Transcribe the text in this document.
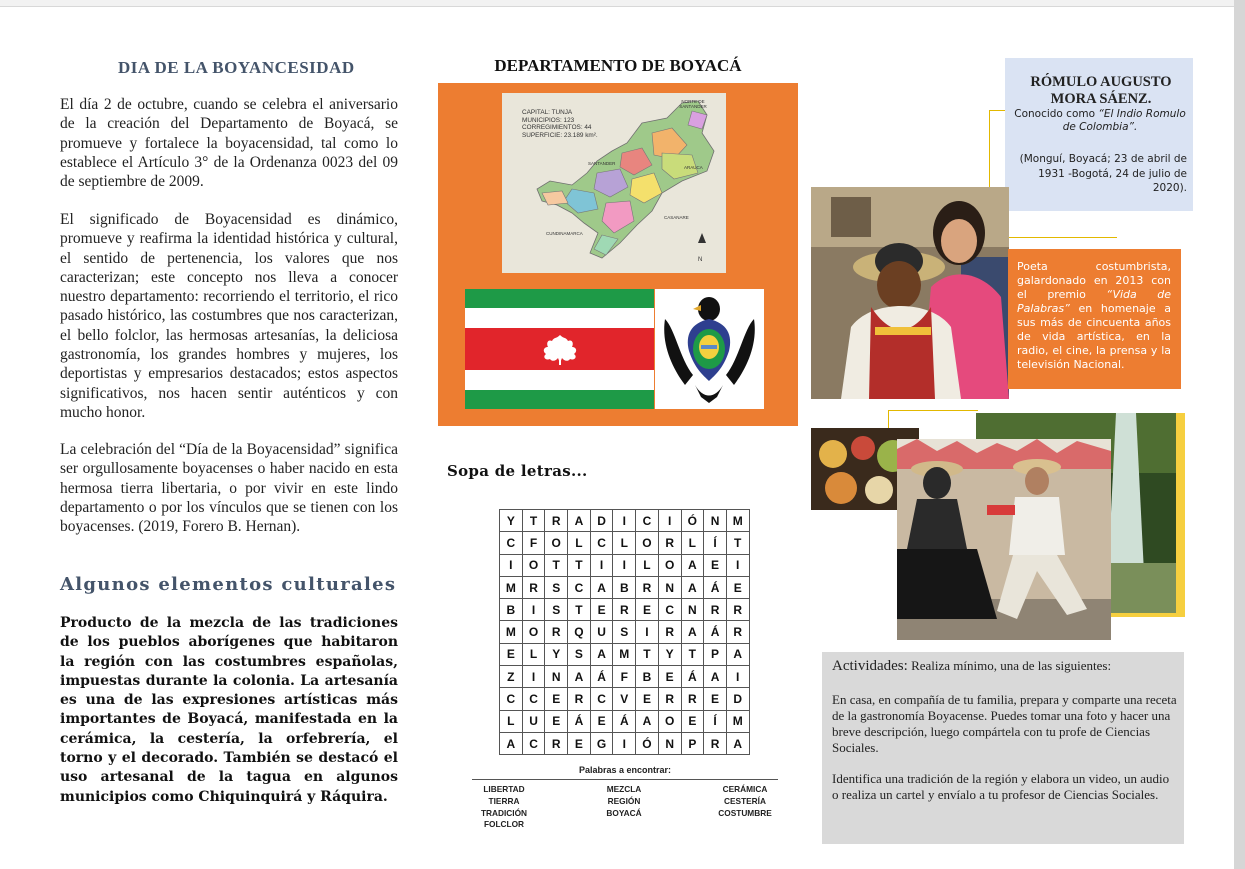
DIA DE LA BOYANCESIDAD
El día 2 de octubre, cuando se celebra el aniversario de la creación del Departamento de Boyacá, se promueve y fortalece la boyacensidad, tal como lo establece el Artículo 3° de la Ordenanza 0023 del 09 de septiembre de 2009.
El significado de Boyacensidad es dinámico, promueve y reafirma la identidad histórica y cultural, el sentido de pertenencia, los valores que nos caracterizan; este concepto nos lleva a conocer nuestro departamento: recorriendo el territorio, el rico pasado histórico, las costumbres que nos caracterizan, el bello folclor, las hermosas artesanías, la deliciosa gastronomía, los grandes hombres y mujeres, los deportistas y empresarios destacados; estos aspectos significativos, nos hacen sentir auténticos y con mucho honor.
La celebración del “Día de la Boyacensidad” significa ser orgullosamente boyacenses o haber nacido en esta hermosa tierra libertaria, o por vivir en este lindo departamento o por los vínculos que se tienen con los boyacenses. (2019, Forero B. Hernan).
Algunos elementos culturales
Producto de la mezcla de las tradiciones de los pueblos aborígenes que habitaron la región con las costumbres españolas, impuestas durante la colonia. La artesanía es una de las expresiones artísticas más importantes de Boyacá, manifestada en la cerámica, la cestería, la orfebrería, el torno y el decorado. También se destacó el uso artesanal de la tagua en algunos municipios como Chiquinquirá y Ráquira.
DEPARTAMENTO DE BOYACÁ
CAPITAL: TUNJA
MUNICIPIOS: 123
CORREGIMIENTOS: 44
SUPERFICIE: 23.189 km².
NORTE DE SANTANDER
SANTANDER
ARAUCA
CASANARE
CUNDINAMARCA
N
Sopa de letras...
Y	T	R	A	D	I	C	I	Ó	N	M
C	F	O	L	C	L	O	R	L	Í	T
I	O	T	T	I	I	L	O	A	E	I
M	R	S	C	A	B	R	N	A	Á	E
B	I	S	T	E	R	E	C	N	R	R
M	O	R	Q	U	S	I	R	A	Á	R
E	L	Y	S	A	M	T	Y	T	P	A
Z	I	N	A	Á	F	B	E	Á	A	I
C	C	E	R	C	V	E	R	R	E	D
L	U	E	Á	E	Á	A	O	E	Í	M
A	C	R	E	G	I	Ó	N	P	R	A
Palabras a encontrar:
LIBERTAD
TIERRA
TRADICIÓN
FOLCLOR
MEZCLA
REGIÓN
BOYACÁ
CERÁMICA
CESTERÍA
COSTUMBRE
RÓMULO AUGUSTO MORA SÁENZ.
Conocido como “El Indio Romulo de Colombia”.
(Monguí, Boyacá; 23 de abril de 1931 -Bogotá, 24 de julio de 2020).
Poeta costumbrista, galardonado en 2013 con el premio “Vida de Palabras” en homenaje a sus más de cincuenta años de vida artística, en la radio, el cine, la prensa y la televisión Nacional.
Actividades: Realiza mínimo, una de las siguientes:
En casa, en compañía de tu familia, prepara y comparte una receta de la gastronomía Boyacense. Puedes tomar una foto y hacer una breve descripción, luego compártela con tu profe de Ciencias Sociales.
Identifica una tradición de la región y elabora un video, un audio o realiza un cartel y envíalo a tu profesor de Ciencias Sociales.
